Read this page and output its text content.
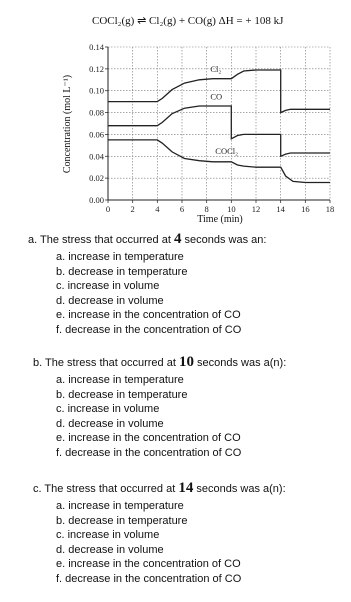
COCl₂(g) ⇌ Cl₂(g) + CO(g) ΔH = + 108 kJ
Concentration (mol L⁻¹)
Time (min)
0.00
0.02
0.04
0.06
0.08
0.10
0.12
0.14
0 2 4 6 8 10 12 14 16 18
Cl₂
CO
COCl₂
a. The stress that occurred at 4 seconds was an:
a. increase in temperature
b. decrease in temperature
c. increase in volume
d. decrease in volume
e. increase in the concentration of CO
f. decrease in the concentration of CO
b. The stress that occurred at 10 seconds was a(n):
a. increase in temperature
b. decrease in temperature
c. increase in volume
d. decrease in volume
e. increase in the concentration of CO
f. decrease in the concentration of CO
c. The stress that occurred at 14 seconds was a(n):
a. increase in temperature
b. decrease in temperature
c. increase in volume
d. decrease in volume
e. increase in the concentration of CO
f. decrease in the concentration of CO
